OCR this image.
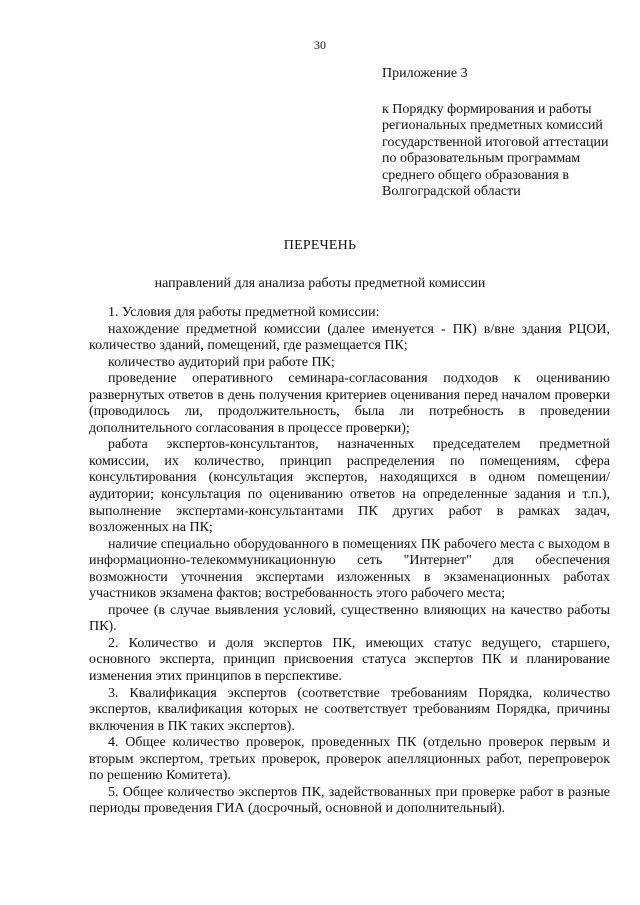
30
Приложение 3
к Порядку формирования и работы региональных предметных комиссий государственной итоговой аттестации по образовательным программам среднего общего образования в Волгоградской области
ПЕРЕЧЕНЬ
направлений для анализа работы предметной комиссии

1. Условия для работы предметной комиссии:

нахождение предметной комиссии (далее именуется - ПК) в/вне здания РЦОИ, количество зданий, помещений, где размещается ПК;

количество аудиторий при работе ПК;

проведение оперативного семинара-согласования подходов к оцениванию развернутых ответов в день получения критериев оценивания перед началом проверки (проводилось ли, продолжительность, была ли потребность в проведении дополнительного согласования в процессе проверки);

работа экспертов-консультантов, назначенных председателем предметной комиссии, их количество, принцип распределения по помещениям, сфера консультирования (консультация экспертов, находящихся в одном помещении/аудитории; консультация по оцениванию ответов на определенные задания и т.п.), выполнение экспертами-консультантами ПК других работ в рамках задач, возложенных на ПК;

наличие специально оборудованного в помещениях ПК рабочего места с выходом в информационно-телекоммуникационную сеть "Интернет" для обеспечения возможности уточнения экспертами изложенных в экзаменационных работах участников экзамена фактов; востребованность этого рабочего места;

прочее (в случае выявления условий, существенно влияющих на качество работы ПК).

2. Количество и доля экспертов ПК, имеющих статус ведущего, старшего, основного эксперта, принцип присвоения статуса экспертов ПК и планирование изменения этих принципов в перспективе.

3. Квалификация экспертов (соответствие требованиям Порядка, количество экспертов, квалификация которых не соответствует требованиям Порядка, причины включения в ПК таких экспертов).

4. Общее количество проверок, проведенных ПК (отдельно проверок первым и вторым экспертом, третьих проверок, проверок апелляционных работ, перепроверок по решению Комитета).

5. Общее количество экспертов ПК, задействованных при проверке работ в разные периоды проведения ГИА (досрочный, основной и дополнительный).
